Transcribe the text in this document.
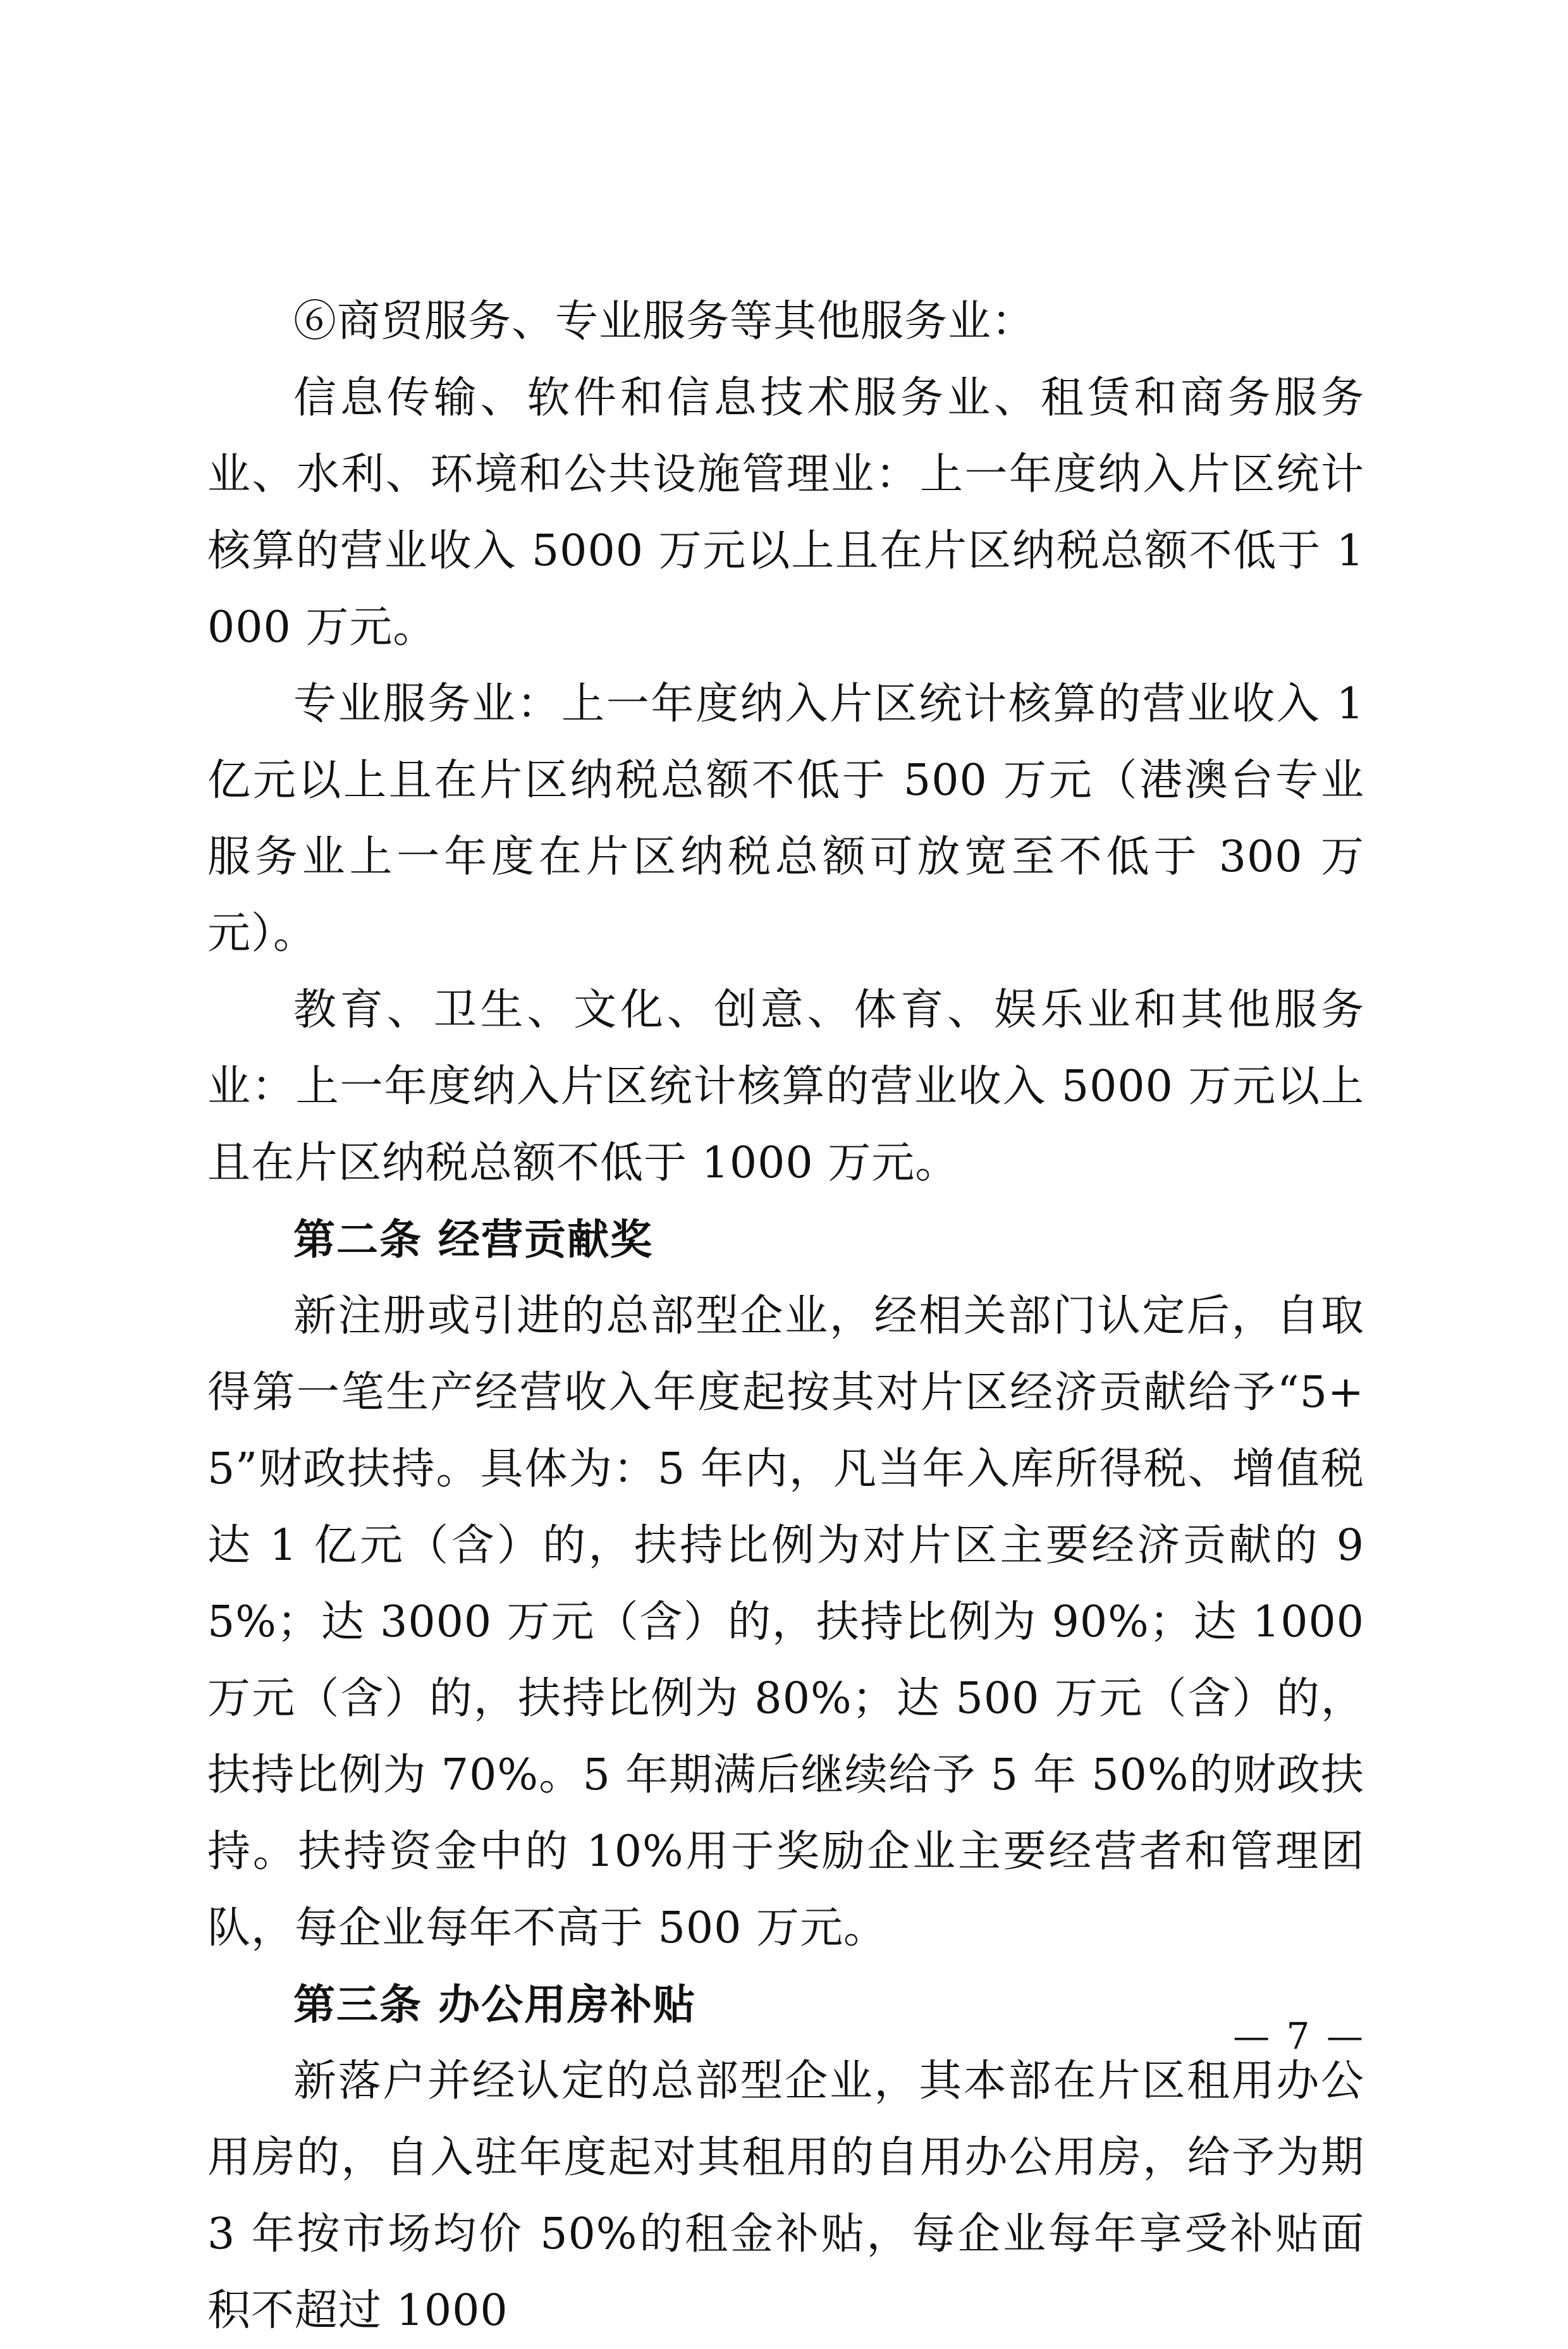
⑥商贸服务、专业服务等其他服务业：

信息传输、软件和信息技术服务业、租赁和商务服务业、水利、环境和公共设施管理业：上一年度纳入片区统计核算的营业收入 5000 万元以上且在片区纳税总额不低于 1000 万元。

专业服务业：上一年度纳入片区统计核算的营业收入 1 亿元以上且在片区纳税总额不低于 500 万元（港澳台专业服务业上一年度在片区纳税总额可放宽至不低于 300 万元）。

教育、卫生、文化、创意、体育、娱乐业和其他服务业：上一年度纳入片区统计核算的营业收入 5000 万元以上且在片区纳税总额不低于 1000 万元。

第二条 经营贡献奖

新注册或引进的总部型企业，经相关部门认定后，自取得第一笔生产经营收入年度起按其对片区经济贡献给予“5+5”财政扶持。具体为：5 年内，凡当年入库所得税、增值税达 1 亿元（含）的，扶持比例为对片区主要经济贡献的 95%；达 3000 万元（含）的，扶持比例为 90%；达 1000 万元（含）的，扶持比例为 80%；达 500 万元（含）的，扶持比例为 70%。5 年期满后继续给予 5 年 50%的财政扶持。扶持资金中的 10%用于奖励企业主要经营者和管理团队，每企业每年不高于 500 万元。

第三条 办公用房补贴

新落户并经认定的总部型企业，其本部在片区租用办公用房的，自入驻年度起对其租用的自用办公用房，给予为期 3 年按市场均价 50%的租金补贴，每企业每年享受补贴面积不超过 1000

— 7 —
